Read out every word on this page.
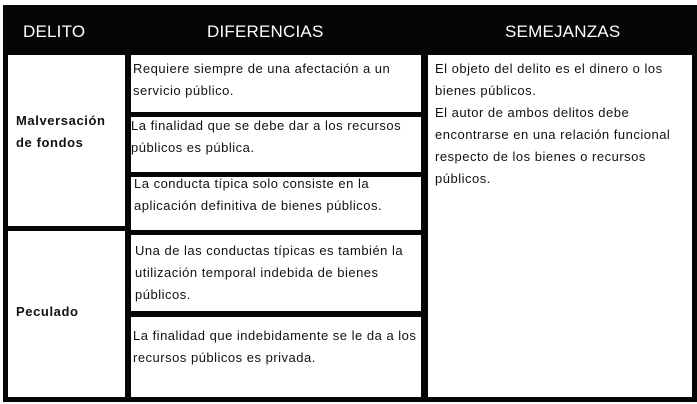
DELITO	DIFERENCIAS	SEMEJANZAS
Malversación de fondos
Peculado

Requiere siempre de una afectación a un servicio público.

La finalidad que se debe dar a los recursos públicos es pública.

La conducta típica solo consiste en la aplicación definitiva de bienes públicos.

Una de las conductas típicas es también la utilización temporal indebida de bienes públicos.

La finalidad que indebidamente se le da a los recursos públicos es privada.

El objeto del delito es el dinero o los bienes públicos.

El autor de ambos delitos debe encontrarse en una relación funcional respecto de los bienes o recursos públicos.
